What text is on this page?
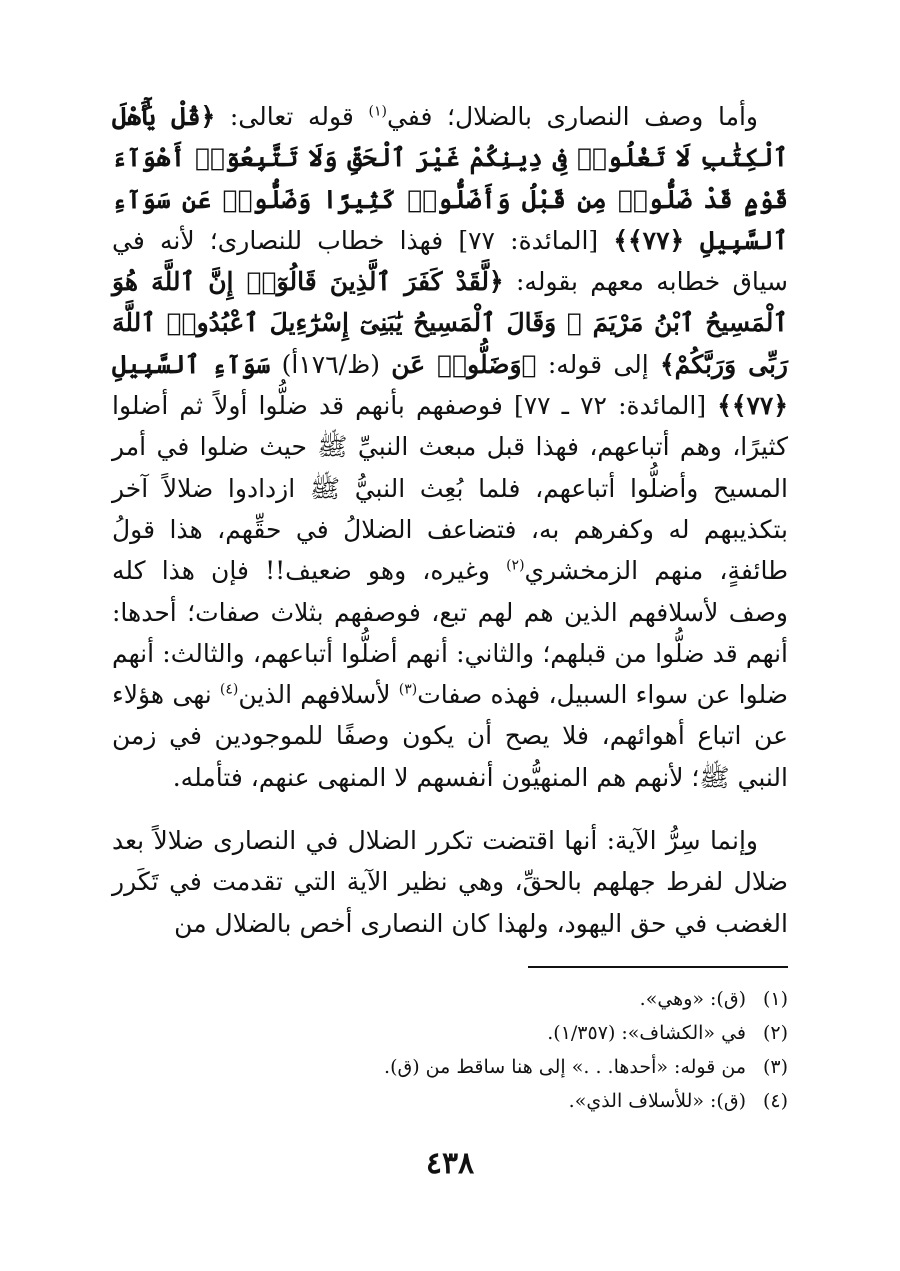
وأما وصف النصارى بالضلال؛ ففي$^{(١)}$ قوله تعالى: ﴿قُلْ يَٰٓأَهْلَ ٱلْكِتَٰبِ لَا تَغْلُوا۟ فِى دِينِكُمْ غَيْرَ ٱلْحَقِّ وَلَا تَتَّبِعُوٓا۟ أَهْوَآءَ قَوْمٍ قَدْ ضَلُّوا۟ مِن قَبْلُ وَأَضَلُّوا۟ كَثِيرًا وَضَلُّوا۟ عَن سَوَآءِ ٱلسَّبِيلِ ﴿٧٧﴾﴾ [المائدة: ٧٧] فهذا خطاب للنصارى؛ لأنه في سياق خطابه معهم بقوله: ﴿لَّقَدْ كَفَرَ ٱلَّذِينَ قَالُوٓا۟ إِنَّ ٱللَّهَ هُوَ ٱلْمَسِيحُ ٱبْنُ مَرْيَمَ ۖ وَقَالَ ٱلْمَسِيحُ يَٰبَنِىٓ إِسْرَٰٓءِيلَ ٱعْبُدُوا۟ ٱللَّهَ رَبِّى وَرَبَّكُمْ﴾ إلى قوله: ﴿وَضَلُّوا۟ عَن (ظ/١٧٦أ) سَوَآءِ ٱلسَّبِيلِ ﴿٧٧﴾﴾ [المائدة: ٧٢ ـ ٧٧] فوصفهم بأنهم قد ضلُّوا أولاً ثم أضلوا كثيرًا، وهم أتباعهم، فهذا قبل مبعث النبيِّ ﷺ حيث ضلوا في أمر المسيح وأضلُّوا أتباعهم، فلما بُعِث النبيُّ ﷺ ازدادوا ضلالاً آخر بتكذيبهم له وكفرهم به، فتضاعف الضلالُ في حقِّهم، هذا قولُ طائفةٍ، منهم الزمخشري$^{(٢)}$ وغيره، وهو ضعيف!! فإن هذا كله وصف لأسلافهم الذين هم لهم تبع، فوصفهم بثلاث صفات؛ أحدها: أنهم قد ضلُّوا من قبلهم؛ والثاني: أنهم أضلُّوا أتباعهم، والثالث: أنهم ضلوا عن سواء السبيل، فهذه صفات$^{(٣)}$ لأسلافهم الذين$^{(٤)}$ نهى هؤلاء عن اتباع أهوائهم، فلا يصح أن يكون وصفًا للموجودين في زمن النبي ﷺ؛ لأنهم هم المنهيُّون أنفسهم لا المنهى عنهم، فتأمله.

وإنما سِرُّ الآية: أنها اقتضت تكرر الضلال في النصارى ضلالاً بعد ضلال لفرط جهلهم بالحقِّ، وهي نظير الآية التي تقدمت في تَكَرر الغضب في حق اليهود، ولهذا كان النصارى أخص بالضلال من

(١)(ق): «وهي».
(٢)في «الكشاف»: (١/٣٥٧).
(٣)من قوله: «أحدها. . .» إلى هنا ساقط من (ق).
(٤)(ق): «للأسلاف الذي».
٤٣٨
